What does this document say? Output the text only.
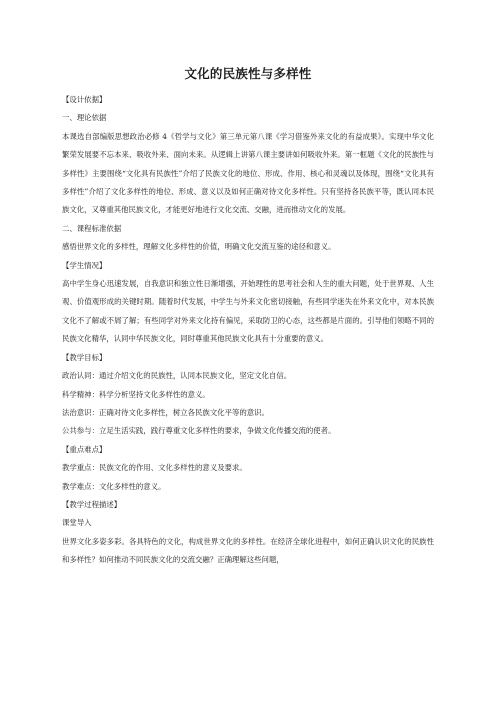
文化的民族性与多样性
【设计依据】
一、理论依据
本课选自部编版思想政治必修 4《哲学与文化》第三单元第八课《学习借鉴外来文化的有益成果》。实现中华文化繁荣发展要不忘本来、吸收外来、面向未来。从逻辑上讲第八课主要讲如何吸收外来。第一框题《文化的民族性与多样性》主要围绕“文化具有民族性”介绍了民族文化的地位、形成、作用、核心和灵魂以及体现，围绕“文化具有多样性”介绍了文化多样性的地位、形成、意义以及如何正确对待文化多样性。只有坚持各民族平等，既认同本民族文化，又尊重其他民族文化，才能更好地进行文化交流、交融，进而推动文化的发展。
二、课程标准依据
感悟世界文化的多样性，理解文化多样性的价值，明确文化交流互鉴的途径和意义。
【学生情况】
高中学生身心迅速发展，自我意识和独立性日渐增强，开始理性的思考社会和人生的重大问题，处于世界观、人生观、价值观形成的关键时期。随着时代发展，中学生与外来文化密切接触，有些同学迷失在外来文化中，对本民族文化不了解或不屑了解；有些同学对外来文化持有偏见，采取防卫的心态，这些都是片面的。引导他们领略不同的民族文化精华，认同中华民族文化，同时尊重其他民族文化具有十分重要的意义。
【教学目标】
政治认同：通过介绍文化的民族性，认同本民族文化，坚定文化自信。
科学精神：科学分析坚持文化多样性的意义。
法治意识：正确对待文化多样性，树立各民族文化平等的意识。
公共参与：立足生活实践，践行尊重文化多样性的要求，争做文化传播交流的使者。
【重点难点】
教学重点：民族文化的作用、文化多样性的意义及要求。
教学难点：文化多样性的意义。
【教学过程描述】
课堂导入
世界文化多姿多彩。各具特色的文化，构成世界文化的多样性。在经济全球化进程中，如何正确认识文化的民族性和多样性？如何推动不同民族文化的交流交融？正确理解这些问题，
